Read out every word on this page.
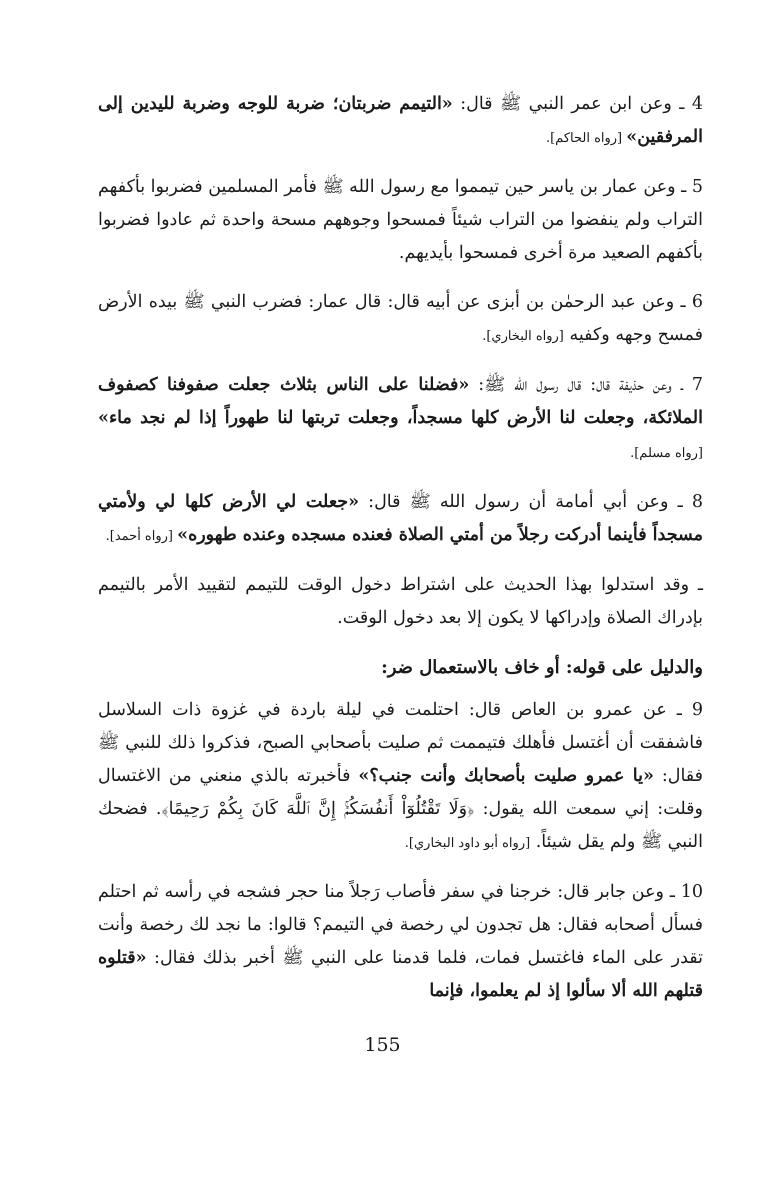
4 ـ وعن ابن عمر النبي ﷺ قال: «التيمم ضربتان؛ ضربة للوجه وضربة لليدين إلى المرفقين» [رواه الحاكم].

5 ـ وعن عمار بن ياسر حين تيمموا مع رسول الله ﷺ فأمر المسلمين فضربوا بأكفهم التراب ولم ينفضوا من التراب شيئاً فمسحوا وجوههم مسحة واحدة ثم عادوا فضربوا بأكفهم الصعيد مرة أخرى فمسحوا بأيديهم.

6 ـ وعن عبد الرحمٰن بن أبزى عن أبيه قال: قال عمار: فضرب النبي ﷺ بيده الأرض فمسح وجهه وكفيه [رواه البخاري].

7 ـ وعن حذيفة قال: قال رسول الله ﷺ: «فضلنا على الناس بثلاث جعلت صفوفنا كصفوف الملائكة، وجعلت لنا الأرض كلها مسجداً، وجعلت تربتها لنا طهوراً إذا لم نجد ماء» [رواه مسلم].

8 ـ وعن أبي أمامة أن رسول الله ﷺ قال: «جعلت لي الأرض كلها لي ولأمتي مسجداً فأينما أدركت رجلاً من أمتي الصلاة فعنده مسجده وعنده طهوره» [رواه أحمد].

ـ وقد استدلوا بهذا الحديث على اشتراط دخول الوقت للتيمم لتقييد الأمر بالتيمم بإدراك الصلاة وإدراكها لا يكون إلا بعد دخول الوقت.

والدليل على قوله: أو خاف بالاستعمال ضر:

9 ـ عن عمرو بن العاص قال: احتلمت في ليلة باردة في غزوة ذات السلاسل فاشفقت أن أغتسل فأهلك فتيممت ثم صليت بأصحابي الصبح، فذكروا ذلك للنبي ﷺ فقال: «يا عمرو صليت بأصحابك وأنت جنب؟» فأخبرته بالذي منعني من الاغتسال وقلت: إني سمعت الله يقول: ﴿وَلَا تَقْتُلُوٓاْ أَنفُسَكُمْۚ إِنَّ ٱللَّهَ كَانَ بِكُمْ رَحِيمًا﴾. فضحك النبي ﷺ ولم يقل شيئاً. [رواه أبو داود البخاري].

10 ـ وعن جابر قال: خرجنا في سفر فأصاب رَجلاً منا حجر فشجه في رأسه ثم احتلم فسأل أصحابه فقال: هل تجدون لي رخصة في التيمم؟ قالوا: ما نجد لك رخصة وأنت تقدر على الماء فاغتسل فمات، فلما قدمنا على النبي ﷺ أخبر بذلك فقال: «قتلوه قتلهم الله ألا سألوا إذ لم يعلموا، فإنما

155
